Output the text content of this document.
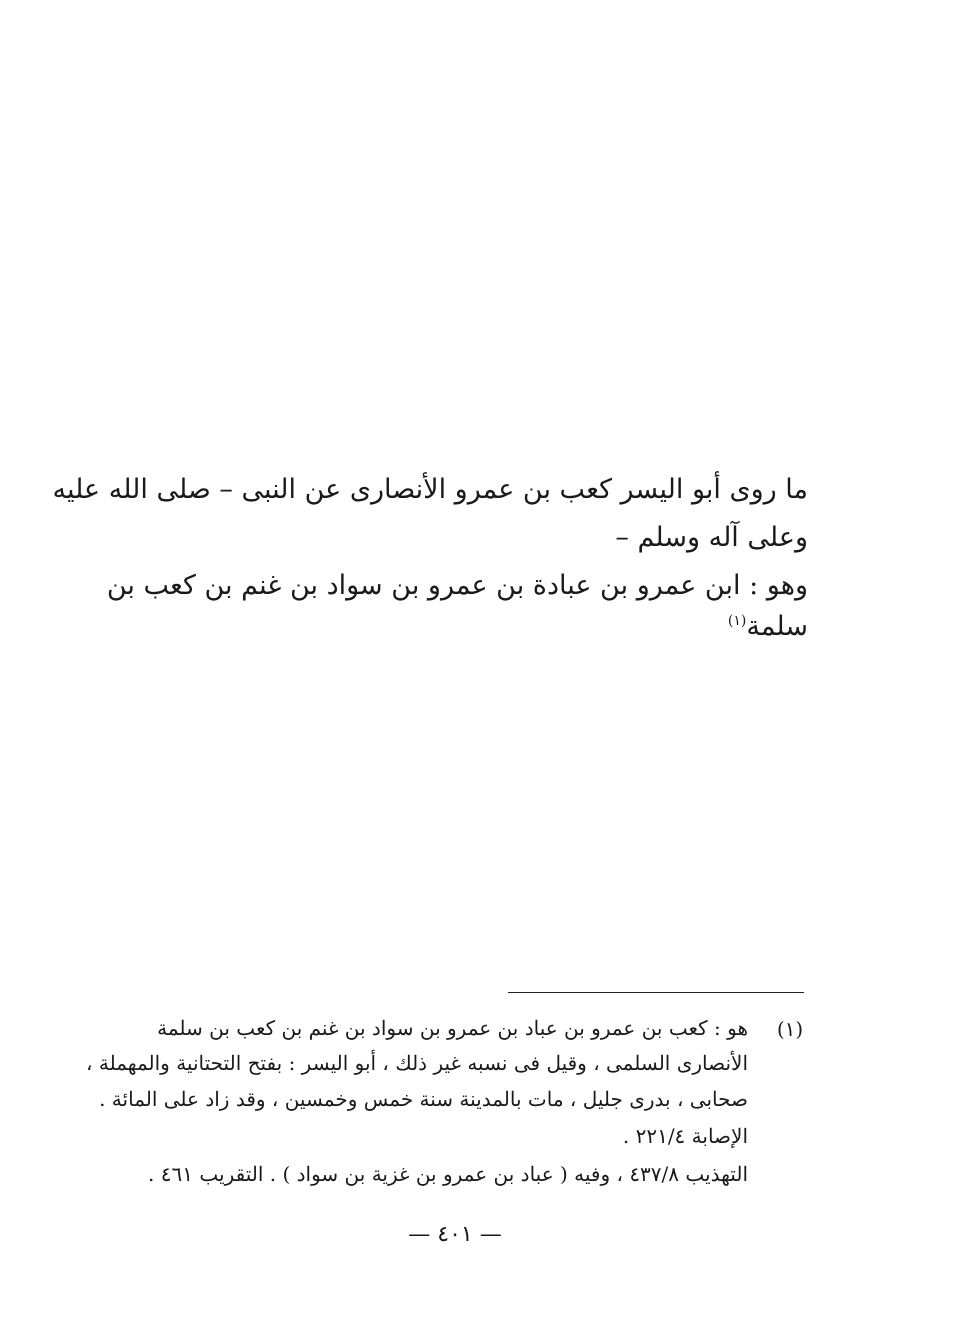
ما روى أبو اليسر كعب بن عمرو الأنصارى عن النبى – صلى الله عليه
وعلى آله وسلم –
وهو : ابن عمرو بن عبادة بن عمرو بن سواد بن غنم بن كعب بن
سلمة$^{(١)}$
(١)
هو : كعب بن عمرو بن عباد بن عمرو بن سواد بن غنم بن كعب بن سلمة
الأنصارى السلمى ، وقيل فى نسبه غير ذلك ، أبو اليسر : بفتح التحتانية والمهملة ،
صحابى ، بدرى جليل ، مات بالمدينة سنة خمس وخمسين ، وقد زاد على المائة .
الإصابة ٢٢١/٤ .
التهذيب ٤٣٧/٨ ، وفيه ( عباد بن عمرو بن غزية بن سواد ) . التقريب ٤٦١ .
— ٤٠١ —
